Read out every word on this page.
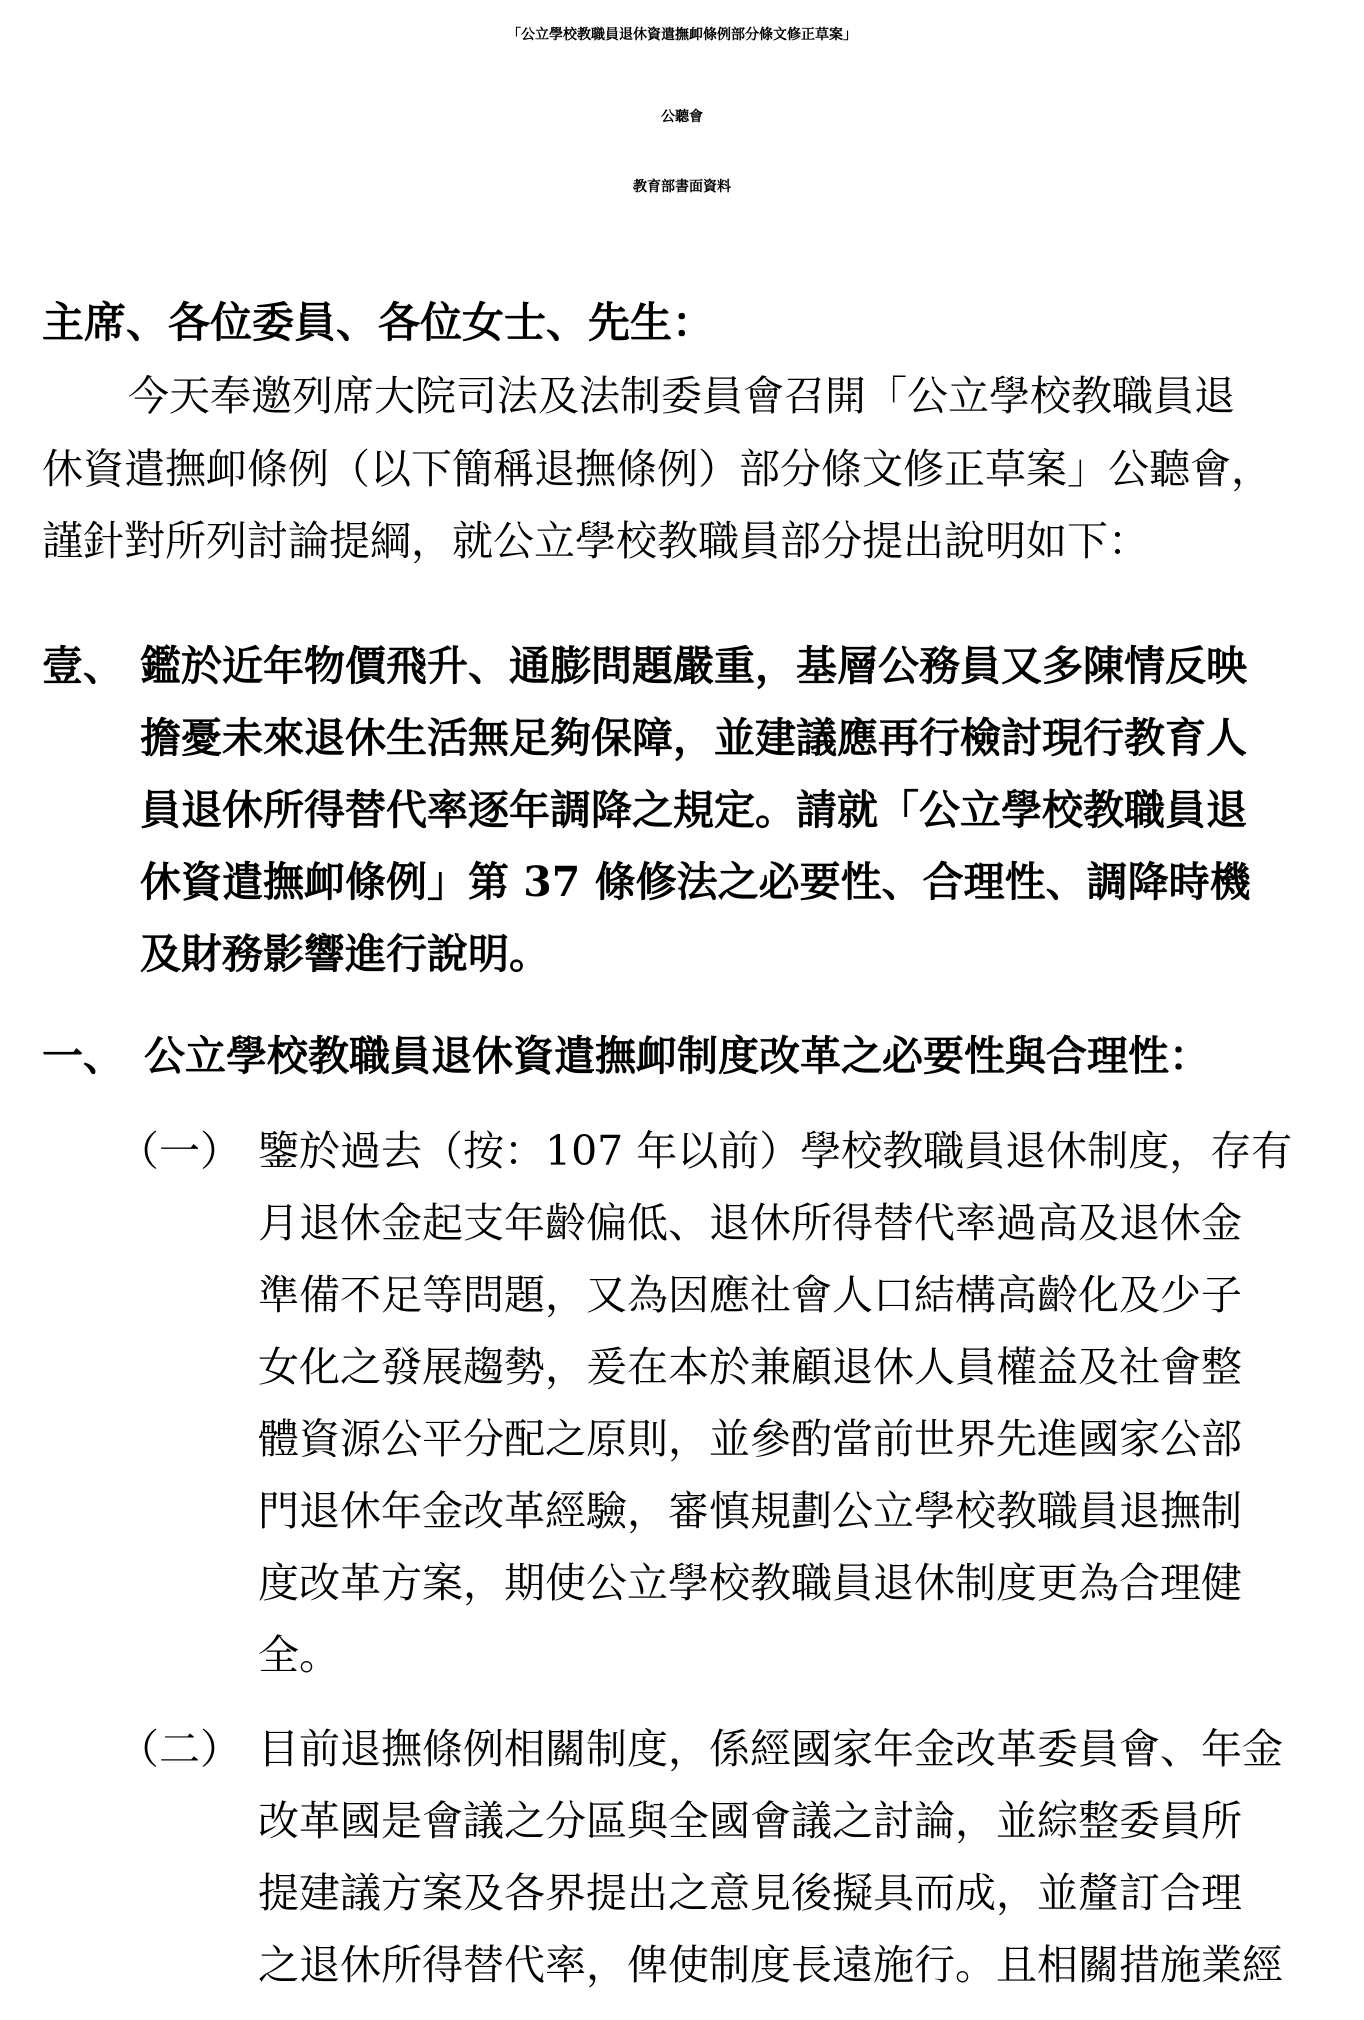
「公立學校教職員退休資遣撫卹條例部分條文修正草案」
公聽會
教育部書面資料
主席、各位委員、各位女士、先生：
今天奉邀列席大院司法及法制委員會召開「公立學校教職員退
休資遣撫卹條例（以下簡稱退撫條例）部分條文修正草案」公聽會，
謹針對所列討論提綱，就公立學校教職員部分提出說明如下：
壹、 鑑於近年物價飛升、通膨問題嚴重，基層公務員又多陳情反映
擔憂未來退休生活無足夠保障，並建議應再行檢討現行教育人
員退休所得替代率逐年調降之規定。請就「公立學校教職員退
休資遣撫卹條例」第 37 條修法之必要性、合理性、調降時機
及財務影響進行說明。
一、 公立學校教職員退休資遣撫卹制度改革之必要性與合理性：
（一） 鑒於過去（按：107 年以前）學校教職員退休制度，存有
月退休金起支年齡偏低、退休所得替代率過高及退休金
準備不足等問題，又為因應社會人口結構高齡化及少子
女化之發展趨勢，爰在本於兼顧退休人員權益及社會整
體資源公平分配之原則，並參酌當前世界先進國家公部
門退休年金改革經驗，審慎規劃公立學校教職員退撫制
度改革方案，期使公立學校教職員退休制度更為合理健
全。
（二） 目前退撫條例相關制度，係經國家年金改革委員會、年金
改革國是會議之分區與全國會議之討論，並綜整委員所
提建議方案及各界提出之意見後擬具而成，並釐訂合理
之退休所得替代率，俾使制度長遠施行。且相關措施業經
